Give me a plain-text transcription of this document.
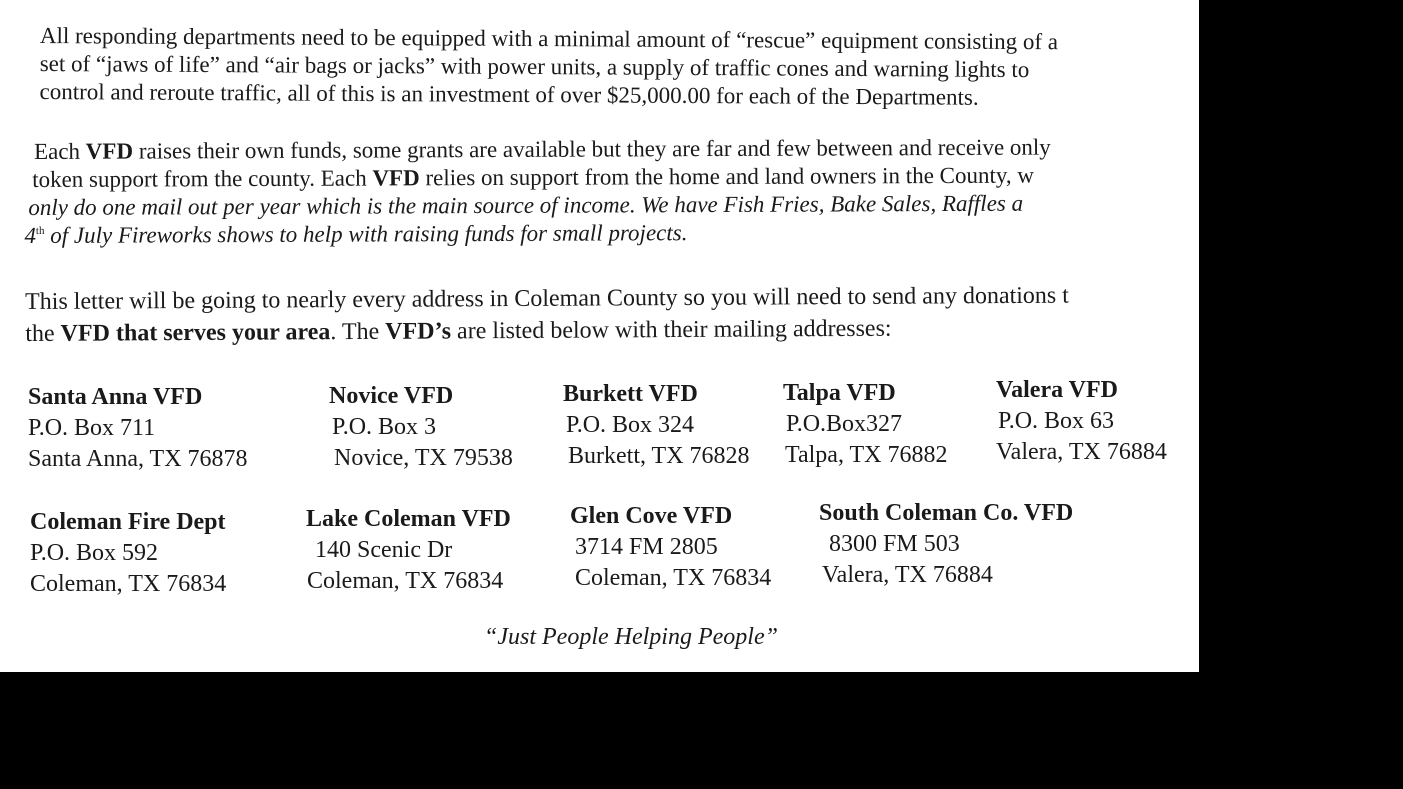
All responding departments need to be equipped with a minimal amount of “rescue” equipment consisting of a
set of “jaws of life” and “air bags or jacks” with power units, a supply of traffic cones and warning lights to
control and reroute traffic, all of this is an investment of over $25,000.00 for each of the Departments.

Each VFD raises their own funds, some grants are available but they are far and few between and receive only
token support from the county. Each VFD relies on support from the home and land owners in the County, w
only do one mail out per year which is the main source of income. We have Fish Fries, Bake Sales, Raffles a
4th of July Fireworks shows to help with raising funds for small projects.

This letter will be going to nearly every address in Coleman County so you will need to send any donations t
the VFD that serves your area. The VFD’s are listed below with their mailing addresses:

Santa Anna VFD
P.O. Box 711
Santa Anna, TX 76878
Novice VFD
P.O. Box 3
Novice, TX 79538
Burkett VFD
P.O. Box 324
Burkett, TX 76828
Talpa VFD
P.O.Box327
Talpa, TX 76882
Valera VFD
P.O. Box 63
Valera, TX 76884
Coleman Fire Dept
P.O. Box 592
Coleman, TX 76834
Lake Coleman VFD
140 Scenic Dr
Coleman, TX 76834
Glen Cove VFD
3714 FM 2805
Coleman, TX 76834
South Coleman Co. VFD
8300 FM 503
Valera, TX 76884
“Just People Helping People”
